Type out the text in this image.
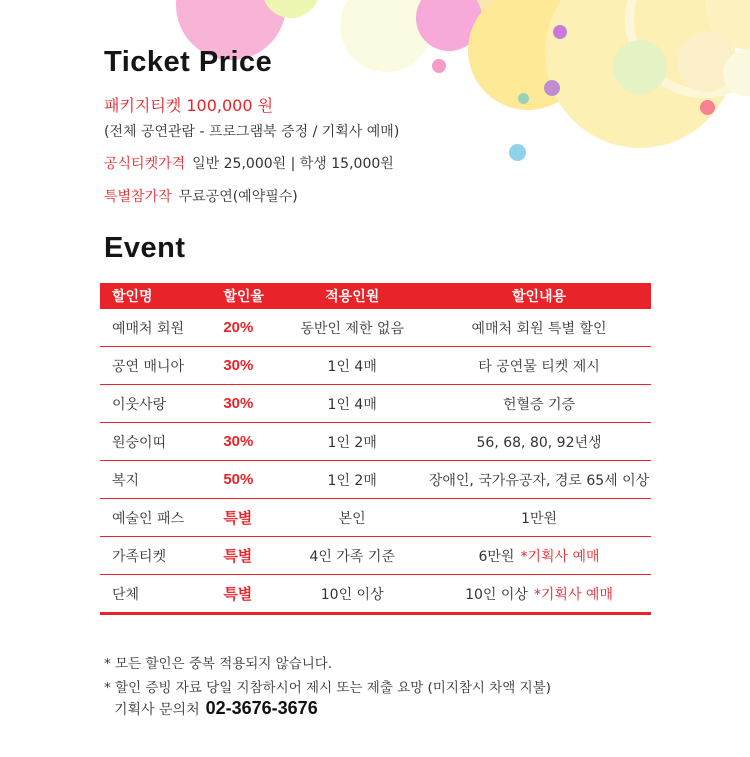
Ticket Price
패키지티켓 100,000 원
(전체 공연관람 - 프로그램북 증정 / 기획사 예매)
공식티켓가격 일반 25,000원 | 학생 15,000원
특별참가작 무료공연(예약필수)
Event
할인명	할인율	적용인원	할인내용
예매처 회원	20%	동반인 제한 없음	예매처 회원 특별 할인
공연 매니아	30%	1인 4매	타 공연물 티켓 제시
이웃사랑	30%	1인 4매	헌혈증 기증
원숭이띠	30%	1인 2매	56, 68, 80, 92년생
복지	50%	1인 2매	장애인, 국가유공자, 경로 65세 이상
예술인 패스	특별	본인	1만원
가족티켓	특별	4인 가족 기준	6만원 *기획사 예매
단체	특별	10인 이상	10인 이상 *기획사 예매
* 모든 할인은 중복 적용되지 않습니다.
* 할인 증빙 자료 당일 지참하시어 제시 또는 제출 요망 (미지참시 차액 지불)
기획사 문의처 02-3676-3676
